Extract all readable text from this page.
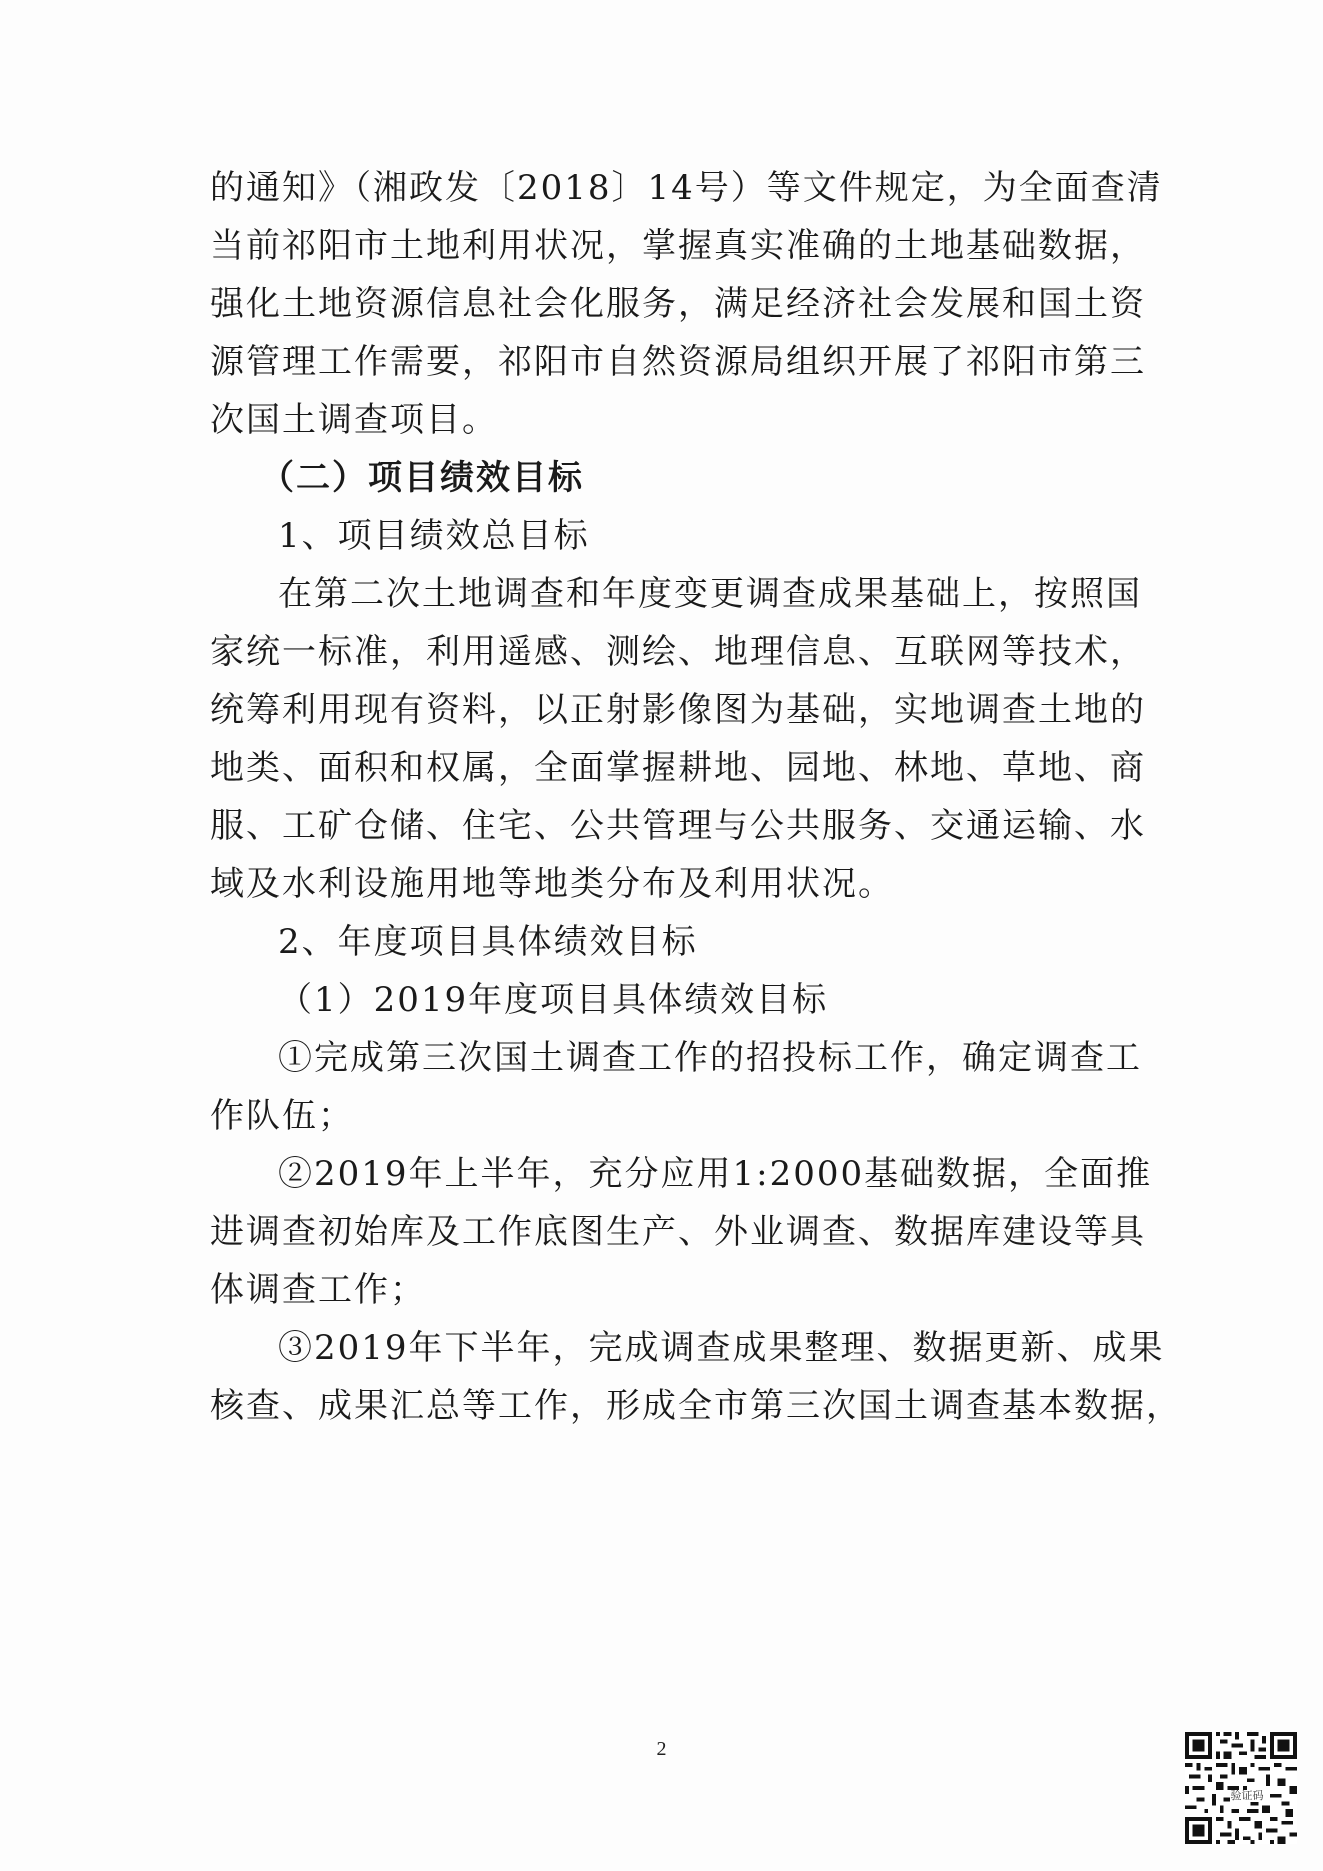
的通知》（湘政发〔2018〕14号）等文件规定，为全面查清
当前祁阳市土地利用状况，掌握真实准确的土地基础数据，
强化土地资源信息社会化服务，满足经济社会发展和国土资
源管理工作需要，祁阳市自然资源局组织开展了祁阳市第三
次国土调查项目。
（二）项目绩效目标
1、项目绩效总目标
在第二次土地调查和年度变更调查成果基础上，按照国
家统一标准，利用遥感、测绘、地理信息、互联网等技术，
统筹利用现有资料，以正射影像图为基础，实地调查土地的
地类、面积和权属，全面掌握耕地、园地、林地、草地、商
服、工矿仓储、住宅、公共管理与公共服务、交通运输、水
域及水利设施用地等地类分布及利用状况。
2、年度项目具体绩效目标
（1）2019年度项目具体绩效目标
①完成第三次国土调查工作的招投标工作，确定调查工
作队伍；
②2019年上半年，充分应用1:2000基础数据，全面推
进调查初始库及工作底图生产、外业调查、数据库建设等具
体调查工作；
③2019年下半年，完成调查成果整理、数据更新、成果
核查、成果汇总等工作，形成全市第三次国土调查基本数据，
2
验证码
